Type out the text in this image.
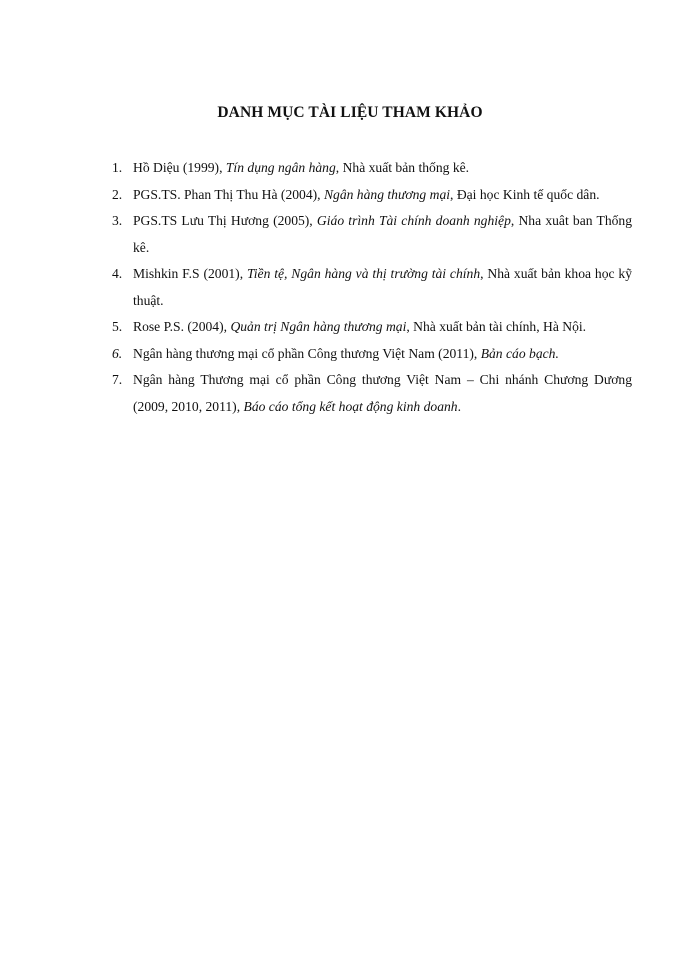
DANH MỤC TÀI LIỆU THAM KHẢO
1. Hồ Diệu (1999), Tín dụng ngân hàng, Nhà xuất bản thống kê.
2. PGS.TS. Phan Thị Thu Hà (2004), Ngân hàng thương mại, Đại học Kinh tế quốc dân.
3. PGS.TS Lưu Thị Hương (2005), Giáo trình Tài chính doanh nghiệp, Nha xuât ban Thống kê.
4. Mishkin F.S (2001), Tiền tệ, Ngân hàng và thị trường tài chính, Nhà xuất bản khoa học kỹ thuật.
5. Rose P.S. (2004), Quản trị Ngân hàng thương mại, Nhà xuất bản tài chính, Hà Nội.
6. Ngân hàng thương mại cổ phần Công thương Việt Nam (2011), Bản cáo bạch.
7. Ngân hàng Thương mại cổ phần Công thương Việt Nam – Chi nhánh Chương Dương (2009, 2010, 2011), Báo cáo tổng kết hoạt động kinh doanh.
